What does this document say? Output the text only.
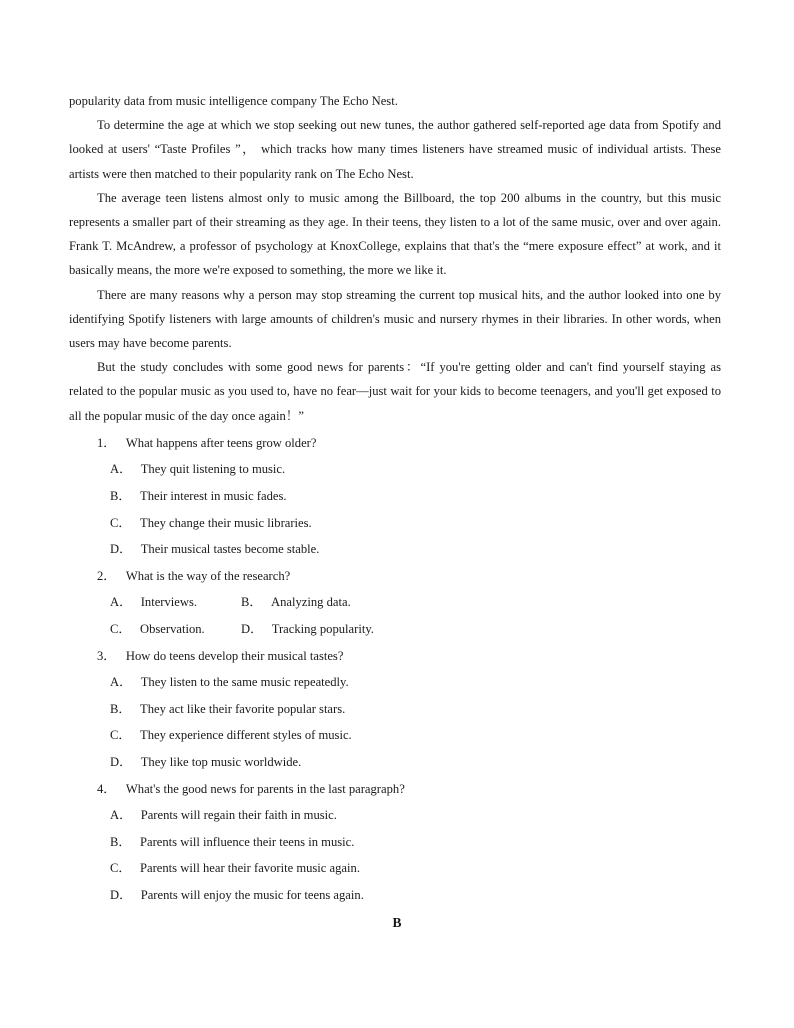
popularity data from music intelligence company The Echo Nest.

To determine the age at which we stop seeking out new tunes, the author gathered self-reported age data from Spotify and looked at users' “Taste Profiles ”， which tracks how many times listeners have streamed music of individual artists. These artists were then matched to their popularity rank on The Echo Nest.

The average teen listens almost only to music among the Billboard, the top 200 albums in the country, but this music represents a smaller part of their streaming as they age. In their teens, they listen to a lot of the same music, over and over again. Frank T. McAndrew, a professor of psychology at KnoxCollege, explains that that's the “mere exposure effect” at work, and it basically means, the more we're exposed to something, the more we like it.

There are many reasons why a person may stop streaming the current top musical hits, and the author looked into one by identifying Spotify listeners with large amounts of children's music and nursery rhymes in their libraries. In other words, when users may have become parents.

But the study concludes with some good news for parents：“If you're getting older and can't find yourself staying as related to the popular music as you used to, have no fear—just wait for your kids to become teenagers, and you'll get exposed to all the popular music of the day once again！”

1． What happens after teens grow older?
A． They quit listening to music.
B． Their interest in music fades.
C． They change their music libraries.
D． Their musical tastes become stable.
2． What is the way of the research?
A． Interviews.	B． Analyzing data.
C． Observation.	D． Tracking popularity.
3． How do teens develop their musical tastes?
A． They listen to the same music repeatedly.
B． They act like their favorite popular stars.
C． They experience different styles of music.
D． They like top music worldwide.
4． What's the good news for parents in the last paragraph?
A． Parents will regain their faith in music.
B． Parents will influence their teens in music.
C． Parents will hear their favorite music again.
D． Parents will enjoy the music for teens again.
B
